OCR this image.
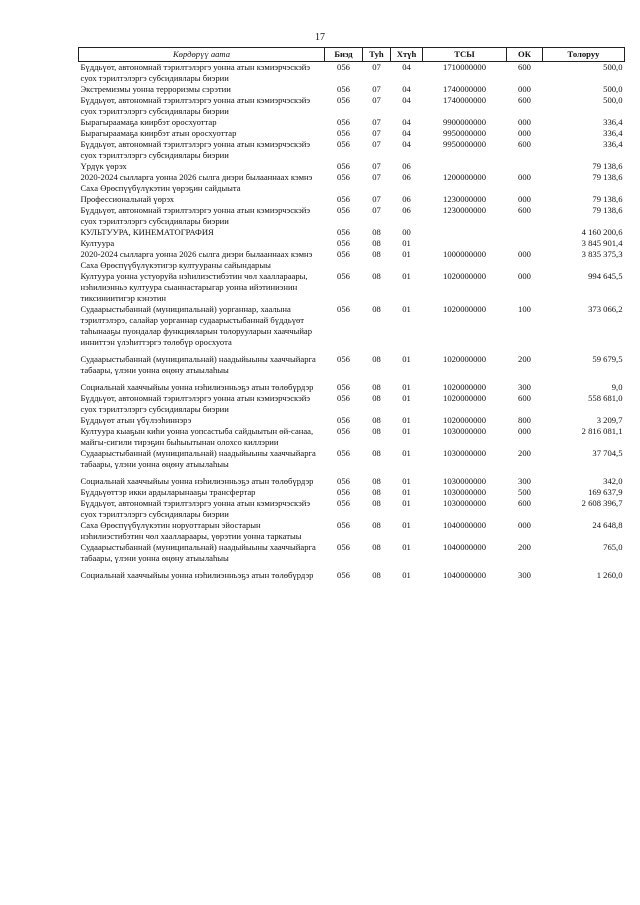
17
Көрдөрүү аата	Биэд	Туһ	Хтүһ	ТСЫ	ОК	Толоруу
Бүддьүөт, автономнай тэрилтэлэргэ уонна атын кэмиэрчэскэйэ суох тэрилтэлэргэ субсидиялары биэрии	056	07	04	1710000000	600	500,0
Экстремизмы уонна терроризмы сэрэтии	056	07	04	1740000000	000	500,0
Бүддьүөт, автономнай тэрилтэлэргэ уонна атын кэмиэрчэскэйэ суох тэрилтэлэргэ субсидиялары биэрии	056	07	04	1740000000	600	500,0
Бырагыраамаҕа киирбэт оросхуоттар	056	07	04	9900000000	000	336,4
Бырагыраамаҕа киирбэт атын оросхуоттар	056	07	04	9950000000	000	336,4
Бүддьүөт, автономнай тэрилтэлэргэ уонна атын кэмиэрчэскэйэ суох тэрилтэлэргэ субсидиялары биэрии	056	07	04	9950000000	600	336,4
Үрдүк үөрэх	056	07	06			79 138,6
2020-2024 сылларга уонна 2026 сылга диэри былааннаах кэмнэ Саха Өрөспүүбүлүкэтин үөрэҕин сайдыыта	056	07	06	1200000000	000	79 138,6
Профессиональнай үөрэх	056	07	06	1230000000	000	79 138,6
Бүддьүөт, автономнай тэрилтэлэргэ уонна атын кэмиэрчэскэйэ суох тэрилтэлэргэ субсидиялары биэрии	056	07	06	1230000000	600	79 138,6
КУЛЬТУУРА, КИНЕМАТОГРАФИЯ	056	08	00			4 160 200,6
Култуура	056	08	01			3 845 901,4
2020-2024 сылларга уонна 2026 сылга диэри былааннаах кэмнэ Саха Өрөспүүбүлүкэтигэр култуураны сайындарыы	056	08	01	1000000000	000	3 835 375,3
Култуура уонна устуоруйа нэһилиэстибэтин чөл хааллараары, нэһилиэнньэ култуура сыаннастарыгар уонна ийэтиниэнин тиксиниитигэр кэнэтин	056	08	01	1020000000	000	994 645,5
Судаарыстыбаннай (муниципальнай) уорганнар, хаалына тэрилтэлэрэ, салайар уорганнар судаарыстыбаннай бүддьүөт таһынааҕы пуондалар функцияларын толорууларын хааччыйар инниттэн үлэһиттэргэ төлөбүр оросхуота	056	08	01	1020000000	100	373 066,2
Судаарыстыбаннай (муниципальнай) наадыйыыны хааччыйарга табаары, үлэни уонна өңөну атыылаһыы	056	08	01	1020000000	200	59 679,5
Социальнай хааччыйыы уонна нэһилиэнньэҕэ атын төлөбүрдэр	056	08	01	1020000000	300	9,0
Бүддьүөт, автономнай тэрилтэлэргэ уонна атын кэмиэрчэскэйэ суох тэрилтэлэргэ субсидиялары биэрии	056	08	01	1020000000	600	558 681,0
Бүддьүөт атын үбүлээһиннэрэ	056	08	01	1020000000	800	3 209,7
Култуура кыаҕын киһи уонна уопсастыба сайдыытын өй-санаа, майгы-сигили тирэҕин быһыытынан олохсо киллэрии	056	08	01	1030000000	000	2 816 081,1
Судаарыстыбаннай (муниципальнай) наадыйыыны хааччыйарга табаары, үлэни уонна өңөну атыылаһыы	056	08	01	1030000000	200	37 704,5
Социальнай хааччыйыы уонна нэһилиэнньэҕэ атын төлөбүрдэр	056	08	01	1030000000	300	342,0
Бүддьүөттэр икки ардыларынааҕы трансфертар	056	08	01	1030000000	500	169 637,9
Бүддьүөт, автономнай тэрилтэлэргэ уонна атын кэмиэрчэскэйэ суох тэрилтэлэргэ субсидиялары биэрии	056	08	01	1030000000	600	2 608 396,7
Саха Өрөспүүбүлүкэтин норуоттарын эйостарын нэһилиэстибэтин чөл хааллараары, үөрэтии уонна таркатыы	056	08	01	1040000000	000	24 648,8
Судаарыстыбаннай (муниципальнай) наадыйыыны хааччыйарга табаары, үлэни уонна өңөну атыылаһыы	056	08	01	1040000000	200	765,0
Социальнай хааччыйыы уонна нэһилиэнньэҕэ атын төлөбүрдэр	056	08	01	1040000000	300	1 260,0
